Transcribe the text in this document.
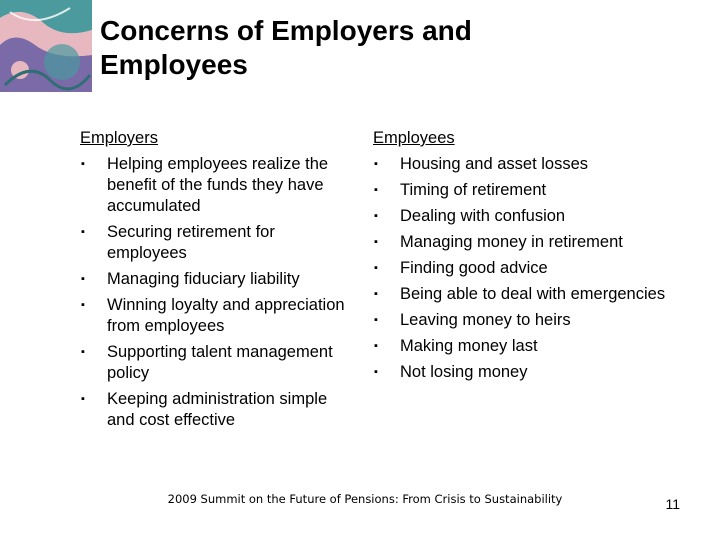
Concerns of Employers and
Employees
Employers
▪ Helping employees realize the benefit of the funds they have accumulated
▪ Securing retirement for employees
▪ Managing fiduciary liability
▪ Winning loyalty and appreciation from employees
▪ Supporting talent management policy
▪ Keeping administration simple and cost effective
Employees
▪ Housing and asset losses
▪ Timing of retirement
▪ Dealing with confusion
▪ Managing money in retirement
▪ Finding good advice
▪ Being able to deal with emergencies
▪ Leaving money to heirs
▪ Making money last
▪ Not losing money
2009 Summit on the Future of Pensions: From Crisis to Sustainability	11
